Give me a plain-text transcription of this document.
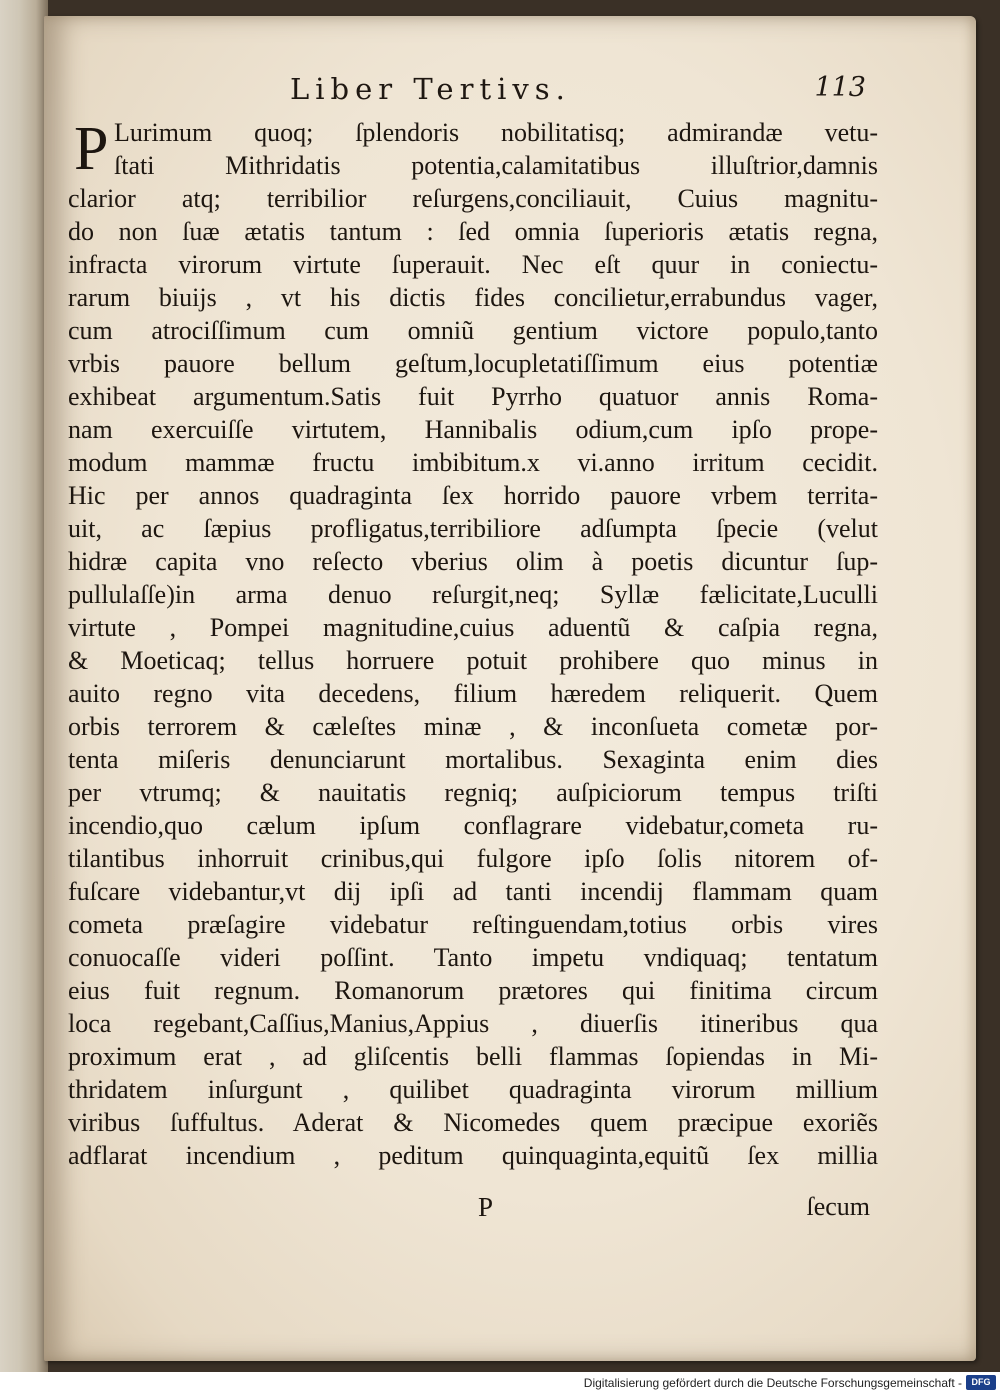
Liber Tertivs.	113
P Lurimum quoq; ſplendoris nobilitatisq; admirandæ vetu-
ſtati Mithridatis potentia,calamitatibus illuſtrior,damnis
clarior atq; terribilior reſurgens,conciliauit, Cuius magnitu-
do non ſuæ ætatis tantum : ſed omnia ſuperioris ætatis regna,
infracta virorum virtute ſuperauit. Nec eſt quur in coniectu-
rarum biuijs , vt his dictis fides concilietur,errabundus vager,
cum atrociſſimum cum omniũ gentium victore populo,tanto
vrbis pauore bellum geſtum,locupletatiſſimum eius potentiæ
exhibeat argumentum.Satis fuit Pyrrho quatuor annis Roma-
nam exercuiſſe virtutem, Hannibalis odium,cum ipſo prope-
modum mammæ fructu imbibitum.x vi.anno irritum cecidit.
Hic per annos quadraginta ſex horrido pauore vrbem territa-
uit, ac ſæpius profligatus,terribiliore adſumpta ſpecie (velut
hidræ capita vno reſecto vberius olim à poetis dicuntur ſup-
pullulaſſe)in arma denuo reſurgit,neq; Syllæ fælicitate,Luculli
virtute , Pompei magnitudine,cuius aduentũ & caſpia regna,
& Moeticaq; tellus horruere potuit prohibere quo minus in
auito regno vita decedens, filium hæredem reliquerit. Quem
orbis terrorem & cæleſtes minæ , & inconſueta cometæ por-
tenta miſeris denunciarunt mortalibus. Sexaginta enim dies
per vtrumq; & nauitatis regniq; auſpiciorum tempus triſti
incendio,quo cælum ipſum conflagrare videbatur,cometa ru-
tilantibus inhorruit crinibus,qui fulgore ipſo ſolis nitorem of-
fuſcare videbantur,vt dij ipſi ad tanti incendij flammam quam
cometa præſagire videbatur reſtinguendam,totius orbis vires
conuocaſſe videri poſſint. Tanto impetu vndiquaq; tentatum
eius fuit regnum. Romanorum prætores qui finitima circum
loca regebant,Caſſius,Manius,Appius , diuerſis itineribus qua
proximum erat , ad gliſcentis belli flammas ſopiendas in Mi-
thridatem inſurgunt , quilibet quadraginta virorum millium
viribus ſuffultus. Aderat & Nicomedes quem præcipue exoriẽs
adflarat incendium , peditum quinquaginta,equitũ ſex millia
P	ſecum
Digitalisierung gefördert durch die Deutsche Forschungsgemeinschaft -	DFG
